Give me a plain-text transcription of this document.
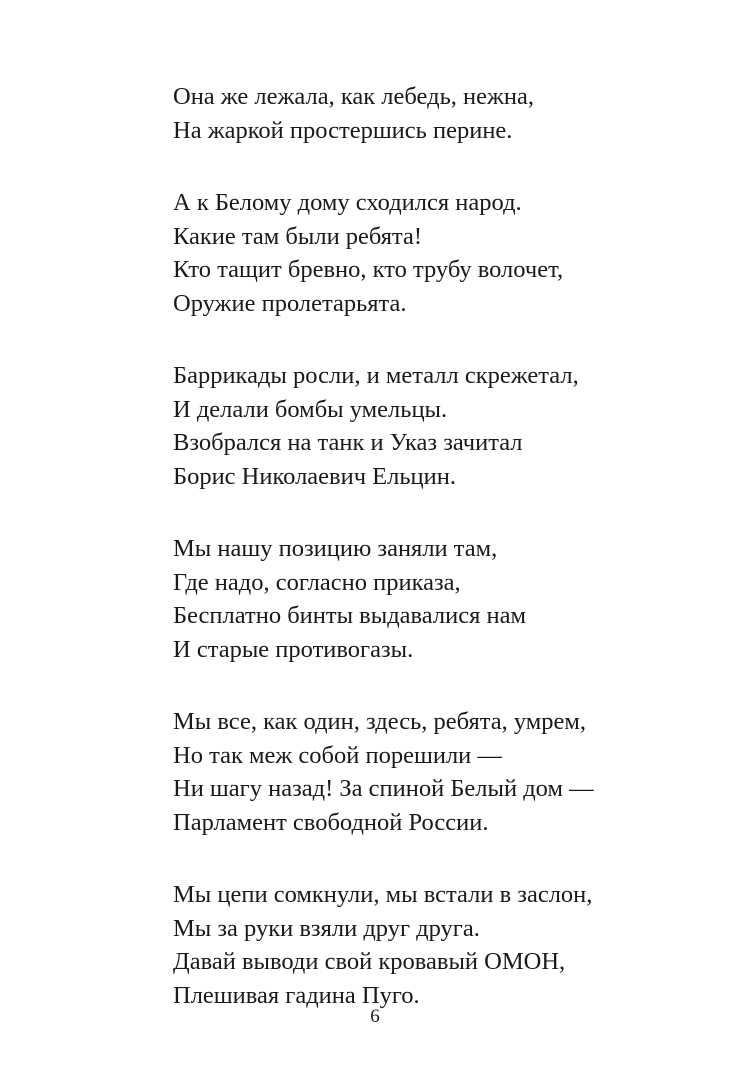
Она же лежала, как лебедь, нежна,
На жаркой простершись перине.
А к Белому дому сходился народ.
Какие там были ребята!
Кто тащит бревно, кто трубу волочет,
Оружие пролетарьята.
Баррикады росли, и металл скрежетал,
И делали бомбы умельцы.
Взобрался на танк и Указ зачитал
Борис Николаевич Ельцин.
Мы нашу позицию заняли там,
Где надо, согласно приказа,
Бесплатно бинты выдавалися нам
И старые противогазы.
Мы все, как один, здесь, ребята, умрем,
Но так меж собой порешили —
Ни шагу назад! За спиной Белый дом —
Парламент свободной России.
Мы цепи сомкнули, мы встали в заслон,
Мы за руки взяли друг друга.
Давай выводи свой кровавый ОМОН,
Плешивая гадина Пуго.
6
